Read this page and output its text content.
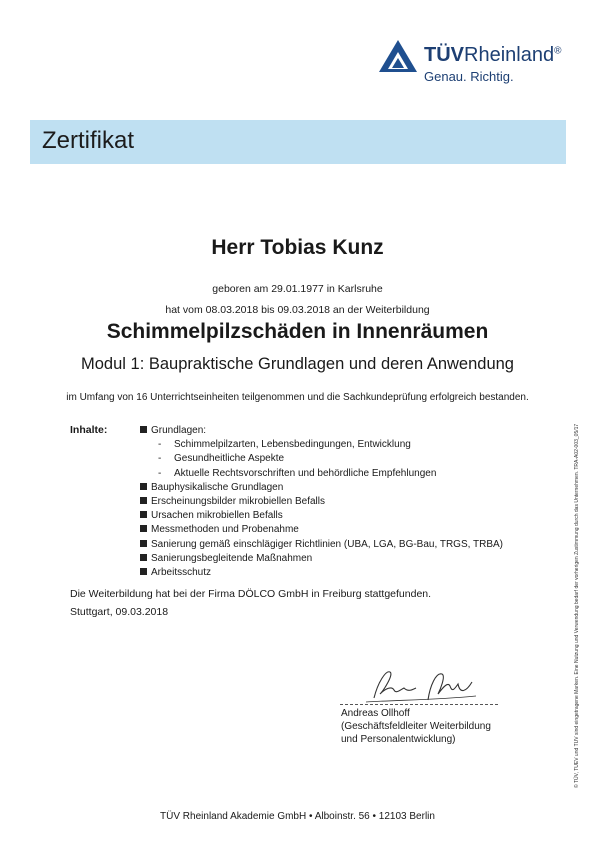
TÜVRheinland®
Genau. Richtig.
Zertifikat
Herr Tobias Kunz
geboren am 29.01.1977 in Karlsruhe
hat vom 08.03.2018 bis 09.03.2018 an der Weiterbildung
Schimmelpilzschäden in Innenräumen
Modul 1: Baupraktische Grundlagen und deren Anwendung
im Umfang von 16 Unterrichtseinheiten teilgenommen und die Sachkundeprüfung erfolgreich bestanden.
Inhalte:	Grundlagen:
- Schimmelpilzarten, Lebensbedingungen, Entwicklung
- Gesundheitliche Aspekte
- Aktuelle Rechtsvorschriften und behördliche Empfehlungen
Bauphysikalische Grundlagen
Erscheinungsbilder mikrobiellen Befalls
Ursachen mikrobiellen Befalls
Messmethoden und Probenahme
Sanierung gemäß einschlägiger Richtlinien (UBA, LGA, BG-Bau, TRGS, TRBA)
Sanierungsbegleitende Maßnahmen
Arbeitsschutz
Die Weiterbildung hat bei der Firma DÖLCO GmbH in Freiburg stattgefunden.
Stuttgart, 09.03.2018
Andreas Ollhoff
(Geschäftsfeldleiter Weiterbildung
und Personalentwicklung)
TÜV Rheinland Akademie GmbH • Alboinstr. 56 • 12103 Berlin
© TÜV, TUEV und TUV sind eingetragene Marken. Eine Nutzung und Verwendung bedarf der vorherigen Zustimmung durch das Unternehmen. TRA-A02-003_05/17
